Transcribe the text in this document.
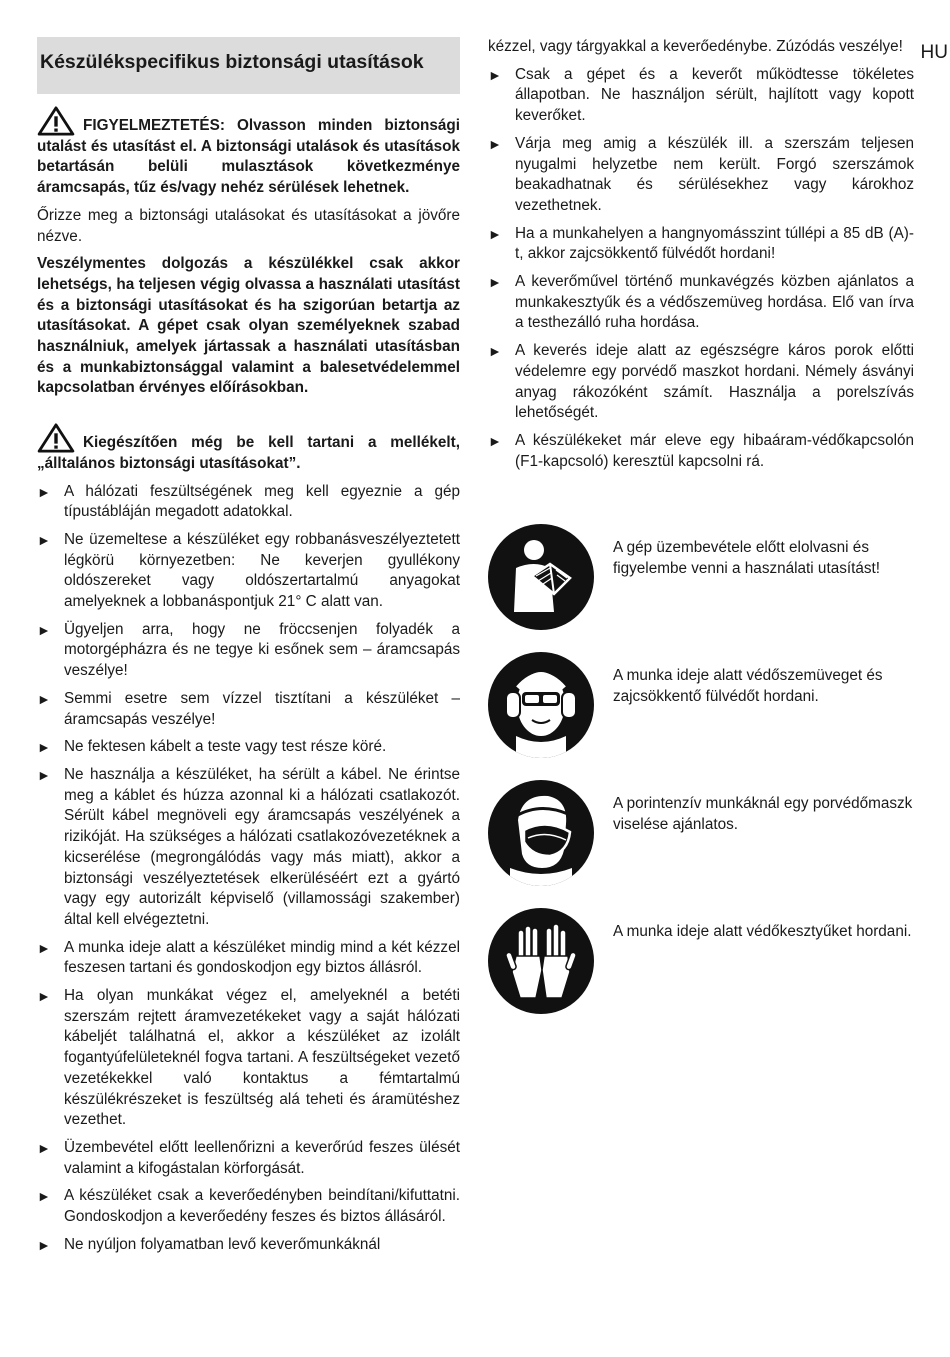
HU
Készülékspecifikus biztonsági utasítások

FIGYELMEZTETÉS: Olvasson minden biztonsági utalást és utasítást el. A biztonsági utalások és utasítások betartásán belüli mulasztások következménye áramcsapás, tűz és/vagy nehéz sérülések lehetnek.

Őrizze meg a biztonsági utalásokat és utasításokat a jövőre nézve.

Veszélymentes dolgozás a készülékkel csak akkor lehetségs, ha teljesen végig olvassa a használati utasítást és a biztonsági utasításokat és ha szigorúan betartja az utasításokat. A gépet csak olyan személyeknek szabad használniuk, amelyek jártassak a használati utasításban és a munkabiztonsággal valamint a balesetvédelemmel kapcsolatban érvényes előírásokban.

Kiegészítően még be kell tartani a mellékelt, „álltalános biztonsági utasításokat”.

► A hálózati feszültségének meg kell egyeznie a gép típustábláján megadott adatokkal.
► Ne üzemeltese a készüléket egy robbanásveszélyeztetett légkörü környezetben: Ne keverjen gyullékony oldószereket vagy oldószertartalmú anyagokat amelyeknek a lobbanáspontjuk 21° C alatt van.
► Ügyeljen arra, hogy ne fröccsenjen folyadék a motorgépházra és ne tegye ki esőnek sem – áramcsapás veszélye!
► Semmi esetre sem vízzel tisztítani a készüléket – áramcsapás veszélye!
► Ne fektesen kábelt a teste vagy test része köré.
► Ne használja a készüléket, ha sérült a kábel. Ne érintse meg a káblet és húzza azonnal ki a hálózati csatlakozót. Sérült kábel megnöveli egy áramcsapás veszélyének a rizikóját. Ha szükséges a hálózati csatlakozóvezetéknek a kicserélése (megrongálódás vagy más miatt), akkor a biztonsági veszélyeztetések elkerüléséért ezt a gyártó vagy egy autorizált képviselő (villamossági szakember) által kell elvégeztetni.
► A munka ideje alatt a készüléket mindig mind a két kézzel feszesen tartani és gondoskodjon egy biztos állásról.
► Ha olyan munkákat végez el, amelyeknél a betéti szerszám rejtett áramvezetékeket vagy a saját hálózati kábeljét találhatná el, akkor a készüléket az izolált fogantyúfelületeknél fogva tartani. A feszültségeket vezető vezetékekkel való kontaktus a fémtartalmú készülékrészeket is feszültség alá teheti és áramütéshez vezethet.
► Üzembevétel előtt leellenőrizni a keverőrúd feszes ülését valamint a kifogástalan körforgását.
► A készüléket csak a keverőedényben beindítani/kifuttatni. Gondoskodjon a keverőedény feszes és biztos állásáról.
► Ne nyúljon folyamatban levő keverőmunkáknál

kézzel, vagy tárgyakkal a keverőedénybe. Zúzódás veszélye!

► Csak a gépet és a keverőt működtesse tökéletes állapotban. Ne használjon sérült, hajlított vagy kopott keverőket.
► Várja meg amig a készülék ill. a szerszám teljesen nyugalmi helyzetbe nem került. Forgó szerszámok beakadhatnak és sérülésekhez vagy károkhoz vezethetnek.
► Ha a munkahelyen a hangnyomásszint túllépi a 85 dB (A)-t, akkor zajcsökkentő fülvédőt hordani!
► A keverőművel történő munkavégzés közben ajánlatos a munkakesztyűk és a védőszemüveg hordása. Elő van írva a testhezálló ruha hordása.
► A keverés ideje alatt az egészségre káros porok előtti védelemre egy porvédő maszkot hordani. Némely ásványi anyag rákozóként számít. Használja a porelszívás lehetőségét.
► A készülékeket már eleve egy hibaáram-védőkapcsolón (F1-kapcsoló) keresztül kapcsolni rá.
A gép üzembevétele előtt elolvasni és figyelembe venni a használati utasítást!
A munka ideje alatt védőszemüveget és zajcsökkentő fülvédőt hordani.
A porintenzív munkáknál egy porvédőmaszk viselése ajánlatos.
A munka ideje alatt védőkesztyűket hordani.
